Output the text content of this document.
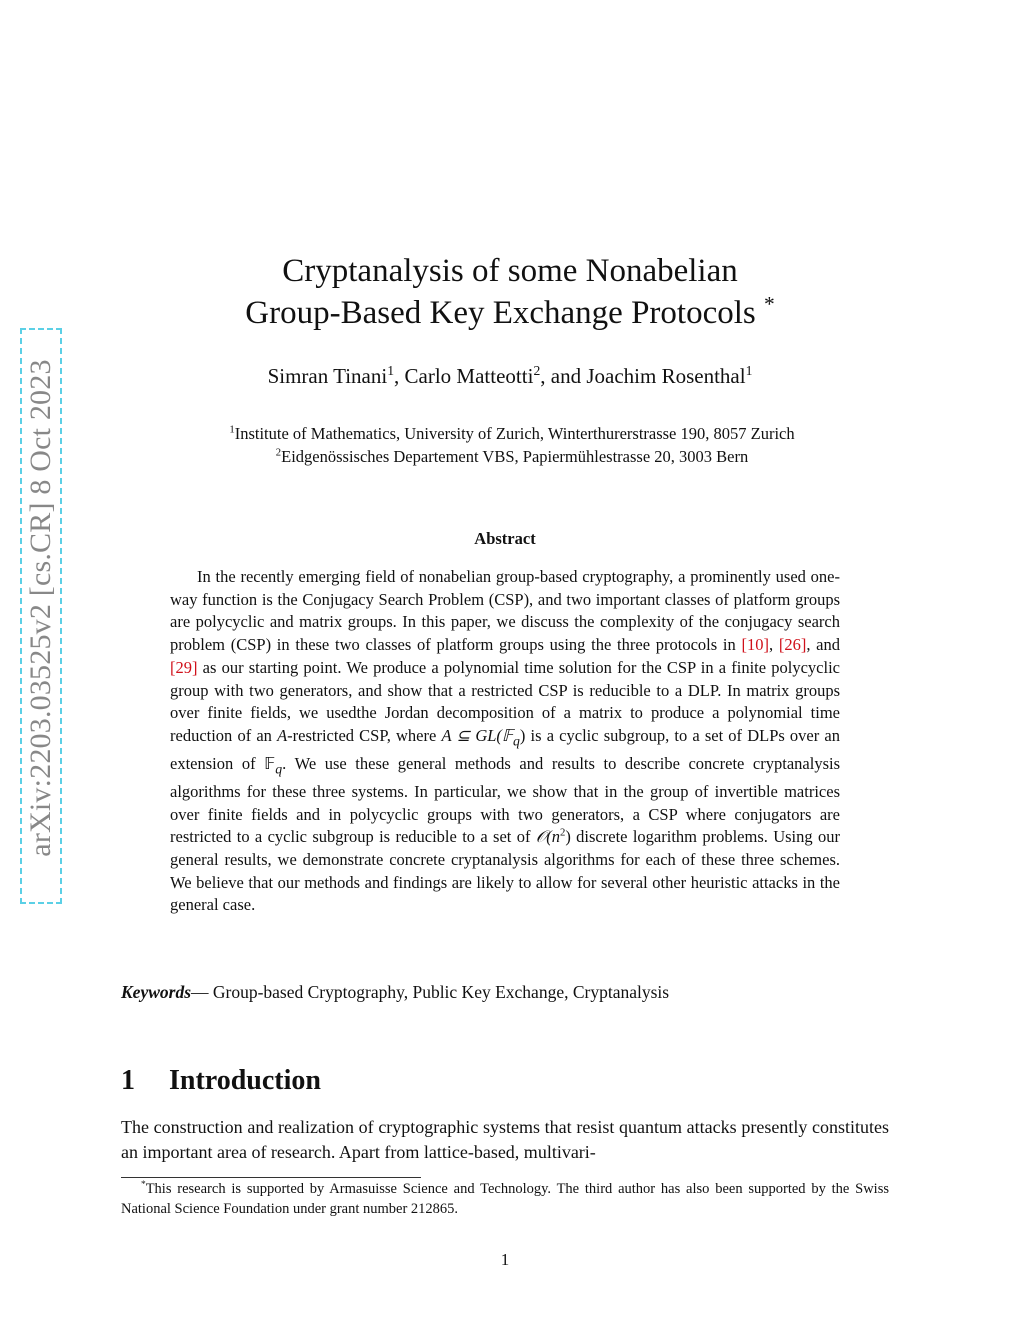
arXiv:2203.03525v2 [cs.CR] 8 Oct 2023
Cryptanalysis of some Nonabelian
Group-Based Key Exchange Protocols *
Simran Tinani$^1$, Carlo Matteotti$^2$, and Joachim Rosenthal$^1$
$^1$Institute of Mathematics, University of Zurich, Winterthurerstrasse 190, 8057 Zurich
$^2$Eidgenössisches Departement VBS, Papiermühlestrasse 20, 3003 Bern
Abstract
In the recently emerging field of nonabelian group-based cryptography, a prominently used one-way function is the Conjugacy Search Problem (CSP), and two important classes of platform groups are polycyclic and matrix groups. In this paper, we discuss the complexity of the conjugacy search problem (CSP) in these two classes of platform groups using the three protocols in [10], [26], and [29] as our starting point. We produce a polynomial time solution for the CSP in a finite polycyclic group with two generators, and show that a restricted CSP is reducible to a DLP. In matrix groups over finite fields, we usedthe Jordan decomposition of a matrix to produce a polynomial time reduction of an A-restricted CSP, where A ⊆ GL(𝔽$_q$) is a cyclic subgroup, to a set of DLPs over an extension of 𝔽$_q$. We use these general methods and results to describe concrete cryptanalysis algorithms for these three systems. In particular, we show that in the group of invertible matrices over finite fields and in polycyclic groups with two generators, a CSP where conjugators are restricted to a cyclic subgroup is reducible to a set of $𝒪(n^2)$ discrete logarithm problems. Using our general results, we demonstrate concrete cryptanalysis algorithms for each of these three schemes. We believe that our methods and findings are likely to allow for several other heuristic attacks in the general case.
Keywords— Group-based Cryptography, Public Key Exchange, Cryptanalysis
1 Introduction
The construction and realization of cryptographic systems that resist quantum attacks presently constitutes an important area of research. Apart from lattice-based, multivari-
*This research is supported by Armasuisse Science and Technology. The third author has also been supported by the Swiss National Science Foundation under grant number 212865.
1
